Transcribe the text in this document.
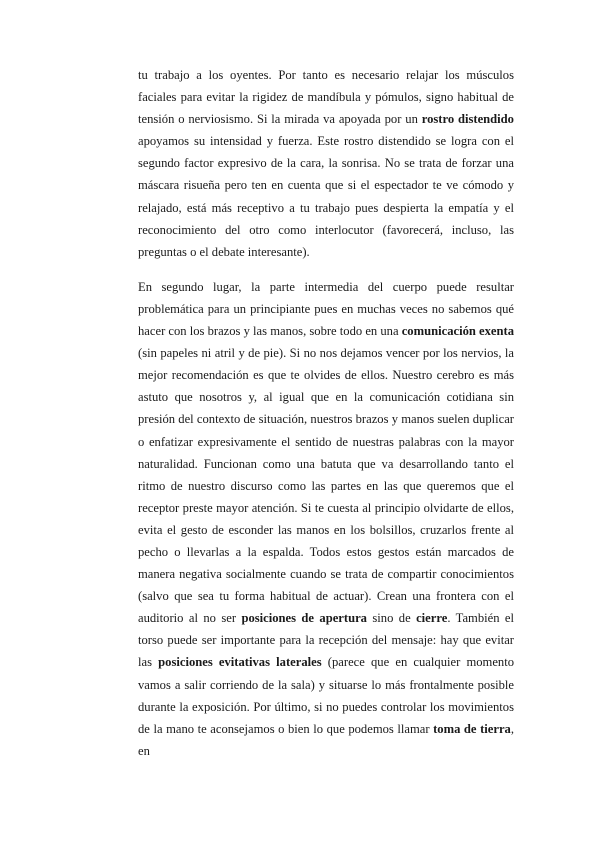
tu trabajo a los oyentes. Por tanto es necesario relajar los músculos faciales para evitar la rigidez de mandíbula y pómulos, signo habitual de tensión o nerviosismo. Si la mirada va apoyada por un rostro distendido apoyamos su intensidad y fuerza. Este rostro distendido se logra con el segundo factor expresivo de la cara, la sonrisa. No se trata de forzar una máscara risueña pero ten en cuenta que si el espectador te ve cómodo y relajado, está más receptivo a tu trabajo pues despierta la empatía y el reconocimiento del otro como interlocutor (favorecerá, incluso, las preguntas o el debate interesante).

En segundo lugar, la parte intermedia del cuerpo puede resultar problemática para un principiante pues en muchas veces no sabemos qué hacer con los brazos y las manos, sobre todo en una comunicación exenta (sin papeles ni atril y de pie). Si no nos dejamos vencer por los nervios, la mejor recomendación es que te olvides de ellos. Nuestro cerebro es más astuto que nosotros y, al igual que en la comunicación cotidiana sin presión del contexto de situación, nuestros brazos y manos suelen duplicar o enfatizar expresivamente el sentido de nuestras palabras con la mayor naturalidad. Funcionan como una batuta que va desarrollando tanto el ritmo de nuestro discurso como las partes en las que queremos que el receptor preste mayor atención. Si te cuesta al principio olvidarte de ellos, evita el gesto de esconder las manos en los bolsillos, cruzarlos frente al pecho o llevarlas a la espalda. Todos estos gestos están marcados de manera negativa socialmente cuando se trata de compartir conocimientos (salvo que sea tu forma habitual de actuar). Crean una frontera con el auditorio al no ser posiciones de apertura sino de cierre. También el torso puede ser importante para la recepción del mensaje: hay que evitar las posiciones evitativas laterales (parece que en cualquier momento vamos a salir corriendo de la sala) y situarse lo más frontalmente posible durante la exposición. Por último, si no puedes controlar los movimientos de la mano te aconsejamos o bien lo que podemos llamar toma de tierra, en
